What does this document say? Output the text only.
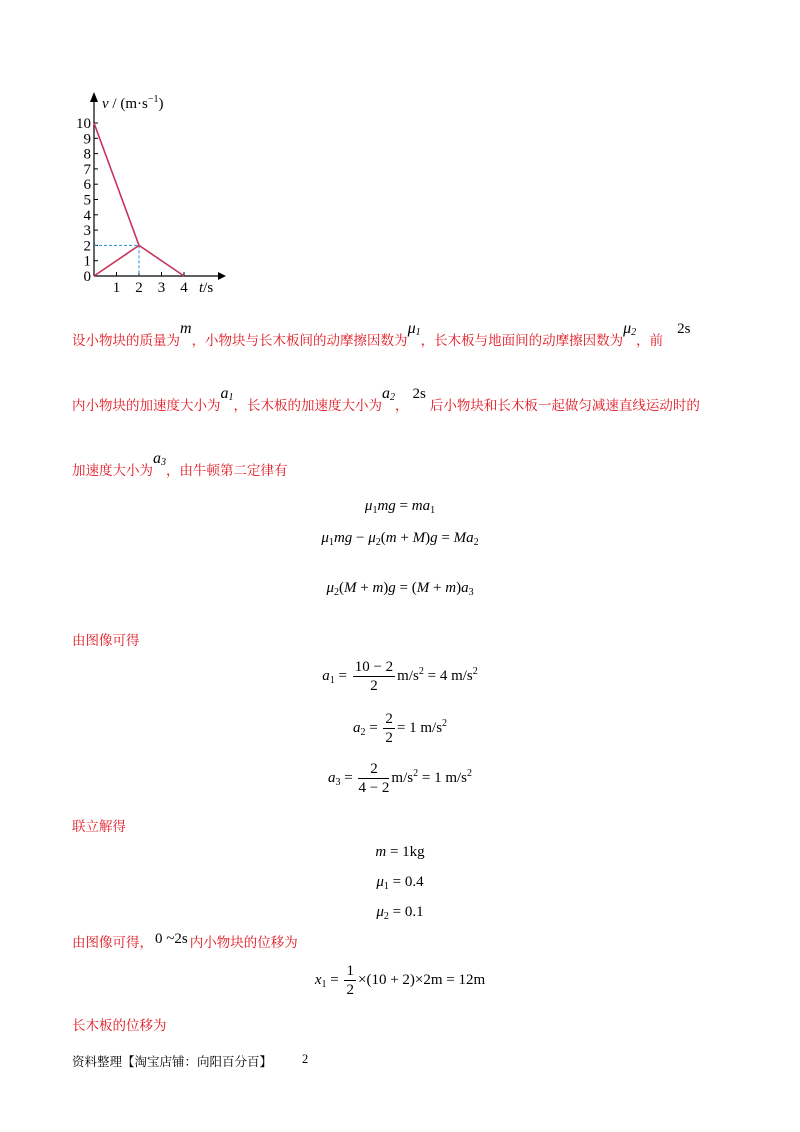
10
9
8
7
6
5
4
3
2
1
0
1 2 3 4
$v / (m\cdot s^{-1})$
t/s
设小物块的质量为m，小物块与长木板间的动摩擦因数为$\mu_1$，长木板与地面间的动摩擦因数为$\mu_2$，前2s
内小物块的加速度大小为$a_1$，长木板的加速度大小为$a_2$，2s后小物块和长木板一起做匀减速直线运动时的
加速度大小为$a_3$，由牛顿第二定律有
$\mu_1mg = ma_1$
$\mu_1mg - \mu_2(m + M)g = Ma_2$
$\mu_2(M + m)g = (M + m)a_3$
由图像可得
$a_1 = \frac{10 - 2}{2} m/s^2 = 4$ $m/s^2$
$a_2 = \frac{2}{2} = 1$ $m/s^2$
$a_3 = \frac{2}{4 - 2} m/s^2 = 1$ $m/s^2$
联立解得
m = 1kg
$\mu_1 = 0.4$
$\mu_2 = 0.1$
由图像可得， 0 ~2s 内小物块的位移为
$x_1 = \frac{1}{2} \times(10 + 2)\times 2m = 12m$
长木板的位移为
资料整理【淘宝店铺：向阳百分百】 2
